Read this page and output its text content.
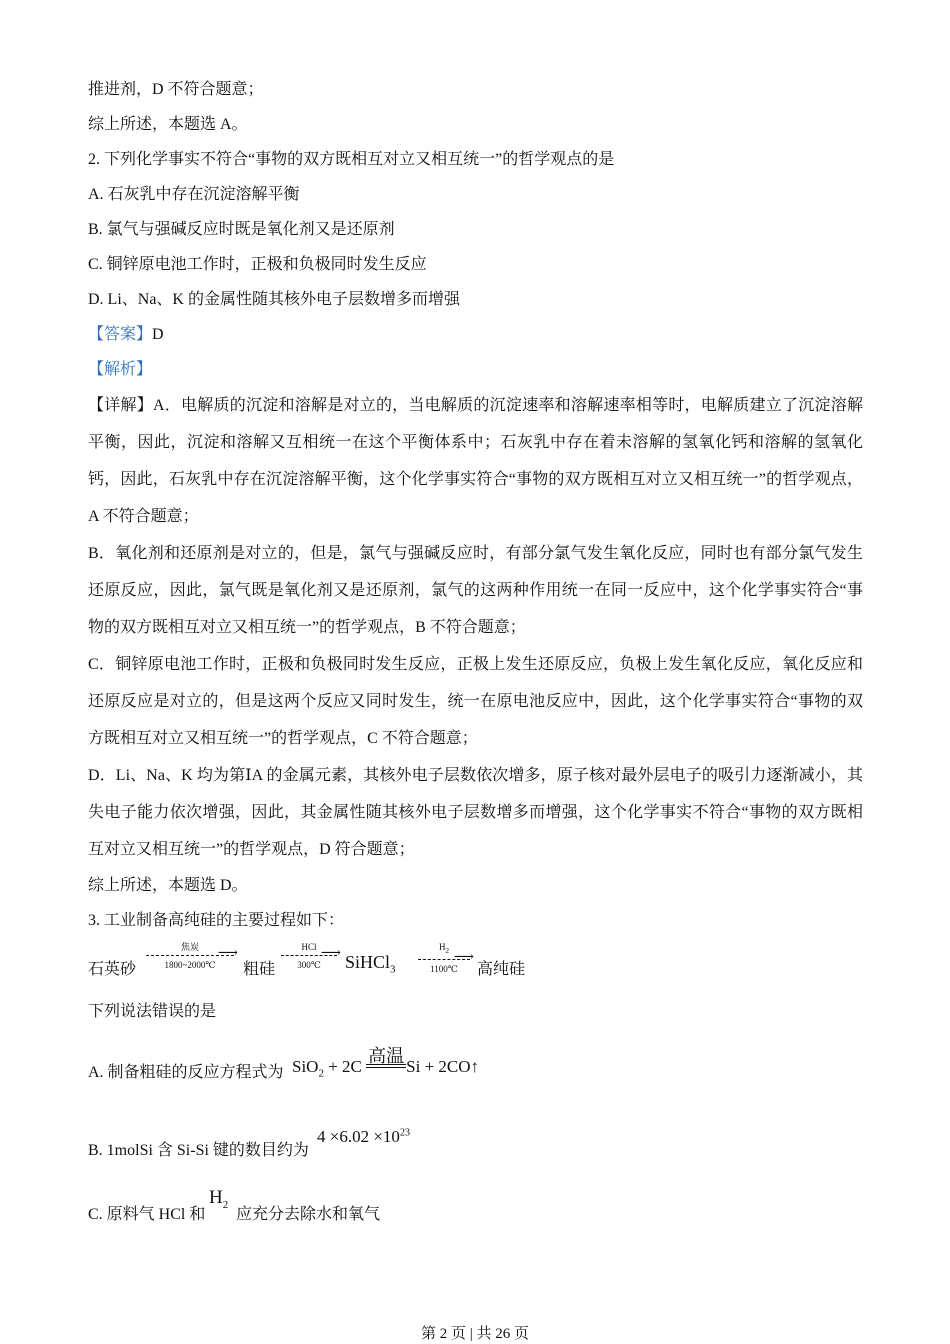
推进剂，D 不符合题意；
综上所述，本题选 A。
2. 下列化学事实不符合“事物的双方既相互对立又相互统一”的哲学观点的是
A. 石灰乳中存在沉淀溶解平衡
B. 氯气与强碱反应时既是氧化剂又是还原剂
C. 铜锌原电池工作时，正极和负极同时发生反应
D. Li、Na、K 的金属性随其核外电子层数增多而增强
【答案】D
【解析】
【详解】A．电解质的沉淀和溶解是对立的，当电解质的沉淀速率和溶解速率相等时，电解质建立了沉淀溶解平衡，因此，沉淀和溶解又互相统一在这个平衡体系中；石灰乳中存在着未溶解的氢氧化钙和溶解的氢氧化钙，因此，石灰乳中存在沉淀溶解平衡，这个化学事实符合“事物的双方既相互对立又相互统一”的哲学观点，A 不符合题意；
B．氧化剂和还原剂是对立的，但是，氯气与强碱反应时，有部分氯气发生氧化反应，同时也有部分氯气发生还原反应，因此，氯气既是氧化剂又是还原剂，氯气的这两种作用统一在同一反应中，这个化学事实符合“事物的双方既相互对立又相互统一”的哲学观点，B 不符合题意；
C．铜锌原电池工作时，正极和负极同时发生反应，正极上发生还原反应，负极上发生氧化反应，氧化反应和还原反应是对立的，但是这两个反应又同时发生，统一在原电池反应中，因此，这个化学事实符合“事物的双方既相互对立又相互统一”的哲学观点，C 不符合题意；
D．Li、Na、K 均为第ⅠA 的金属元素，其核外电子层数依次增多，原子核对最外层电子的吸引力逐渐减小，其失电子能力依次增强，因此，其金属性随其核外电子层数增多而增强，这个化学事实不符合“事物的双方既相互对立又相互统一”的哲学观点，D 符合题意；
综上所述，本题选 D。
3. 工业制备高纯硅的主要过程如下：
石英砂
焦炭
⟶
1800~2000℃	粗硅
HCl
⟶
300℃	SiHCl$_3$
$H_2$
⟶
1100℃	高纯硅
下列说法错误的是
A. 制备粗硅的反应方程式为 SiO$_2$ + 2C
高温
Si + 2CO↑
B. 1molSi 含 Si-Si 键的数目约为
$4 \times 6.02 \times 10^{23}$
C. 原料气 HCl 和
$H_2$
应充分去除水和氧气
第 2 页 | 共 26 页
